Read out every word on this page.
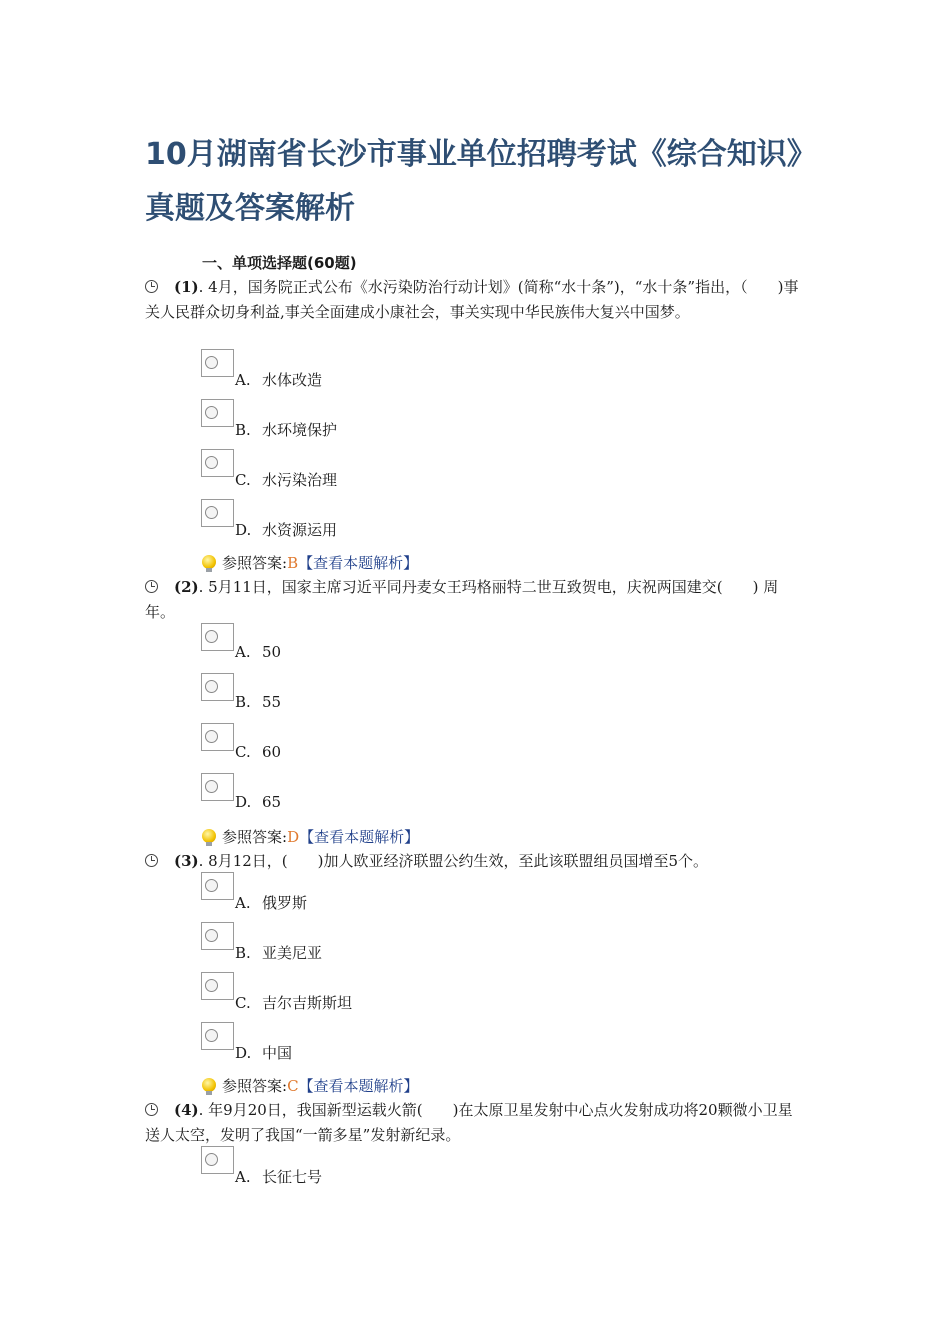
10月湖南省长沙市事业单位招聘考试《综合知识》真题及答案解析
一、单项选择题(60题)
(1). 4月，国务院正式公布《水污染防治行动计划》(简称“水十条”)，“水十条”指出，（　　)事关人民群众切身利益,事关全面建成小康社会，事关实现中华民族伟大复兴中国梦。
A. 水体改造
B. 水环境保护
C. 水污染治理
D. 水资源运用
参照答案:B【查看本题解析】
(2). 5月11日，国家主席习近平同丹麦女王玛格丽特二世互致贺电，庆祝两国建交(　　) 周年。
A. 50
B. 55
C. 60
D. 65
参照答案:D【查看本题解析】
(3). 8月12日，(　　)加人欧亚经济联盟公约生效，至此该联盟组员国增至5个。
A. 俄罗斯
B. 亚美尼亚
C. 吉尔吉斯斯坦
D. 中国
参照答案:C【查看本题解析】
(4). 年9月20日，我国新型运载火箭(　　)在太原卫星发射中心点火发射成功将20颗微小卫星送人太空，发明了我国“一箭多星”发射新纪录。
A. 长征七号
